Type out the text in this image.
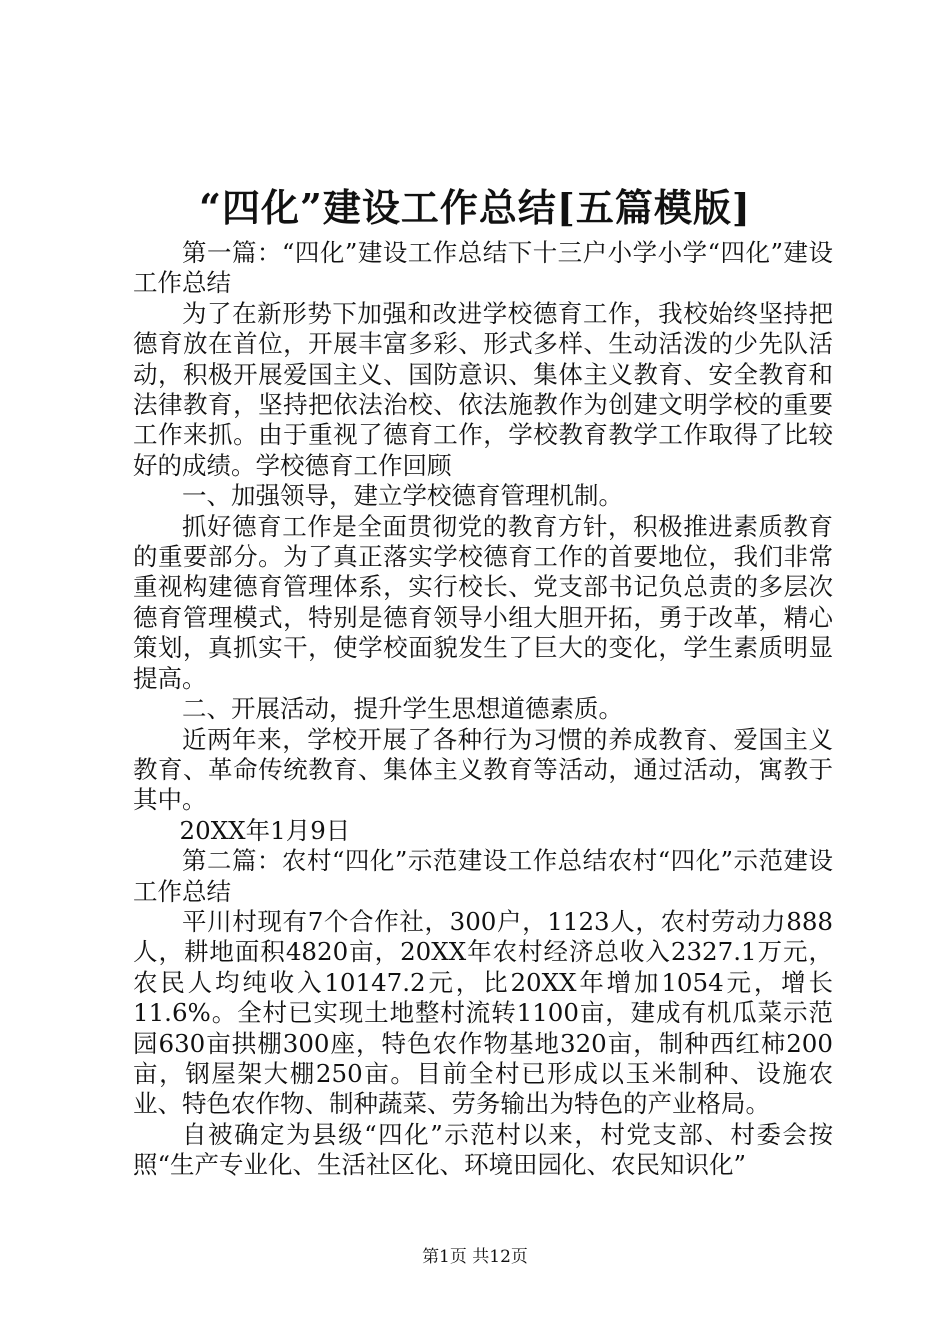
“四化”建设工作总结[五篇模版]

第一篇：“四化”建设工作总结下十三户小学小学“四化”建设工作总结

为了在新形势下加强和改进学校德育工作，我校始终坚持把德育放在首位，开展丰富多彩、形式多样、生动活泼的少先队活动，积极开展爱国主义、国防意识、集体主义教育、安全教育和法律教育，坚持把依法治校、依法施教作为创建文明学校的重要工作来抓。由于重视了德育工作，学校教育教学工作取得了比较好的成绩。学校德育工作回顾

一、加强领导，建立学校德育管理机制。

抓好德育工作是全面贯彻党的教育方针，积极推进素质教育的重要部分。为了真正落实学校德育工作的首要地位，我们非常重视构建德育管理体系，实行校长、党支部书记负总责的多层次德育管理模式，特别是德育领导小组大胆开拓，勇于改革，精心策划，真抓实干，使学校面貌发生了巨大的变化，学生素质明显提高。

二、开展活动，提升学生思想道德素质。

近两年来，学校开展了各种行为习惯的养成教育、爱国主义教育、革命传统教育、集体主义教育等活动，通过活动，寓教于其中。

20XX年1月9日

第二篇：农村“四化”示范建设工作总结农村“四化”示范建设工作总结

平川村现有7个合作社，300户，1123人，农村劳动力888人，耕地面积4820亩，20XX年农村经济总收入2327.1万元，农民人均纯收入10147.2元，比20XX年增加1054元，增长11.6%。全村已实现土地整村流转1100亩，建成有机瓜菜示范园630亩拱棚300座，特色农作物基地320亩，制种西红柿200亩，钢屋架大棚250亩。目前全村已形成以玉米制种、设施农业、特色农作物、制种蔬菜、劳务输出为特色的产业格局。

自被确定为县级“四化”示范村以来，村党支部、村委会按照“生产专业化、生活社区化、环境田园化、农民知识化”

第1页 共12页
